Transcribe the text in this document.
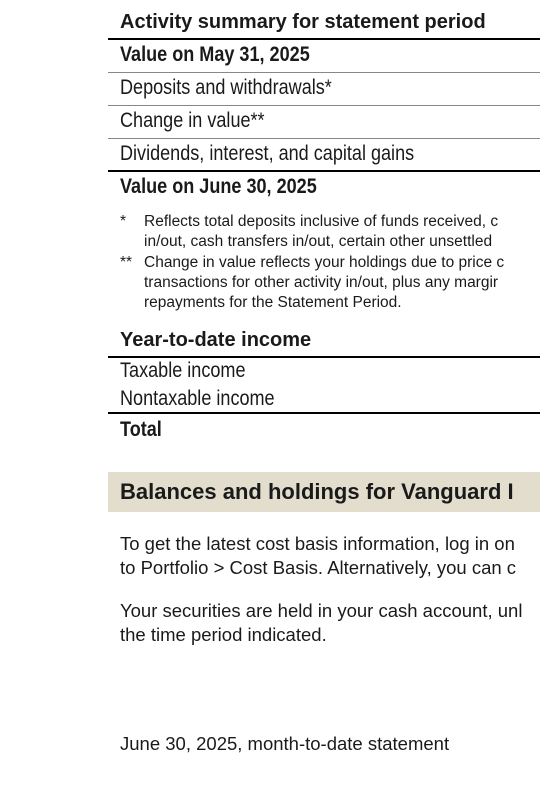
Activity summary for statement period
Value on May 31, 2025
Deposits and withdrawals*
Change in value**
Dividends, interest, and capital gains
Value on June 30, 2025
* Reflects total deposits inclusive of funds received, c
in/out, cash transfers in/out, certain other unsettled
** Change in value reflects your holdings due to price c
transactions for other activity in/out, plus any margir
repayments for the Statement Period.
Year-to-date income
Taxable income
Nontaxable income
Total
Balances and holdings for Vanguard I
To get the latest cost basis information, log in on
to Portfolio > Cost Basis. Alternatively, you can c
Your securities are held in your cash account, unl
the time period indicated.
June 30, 2025, month-to-date statement
